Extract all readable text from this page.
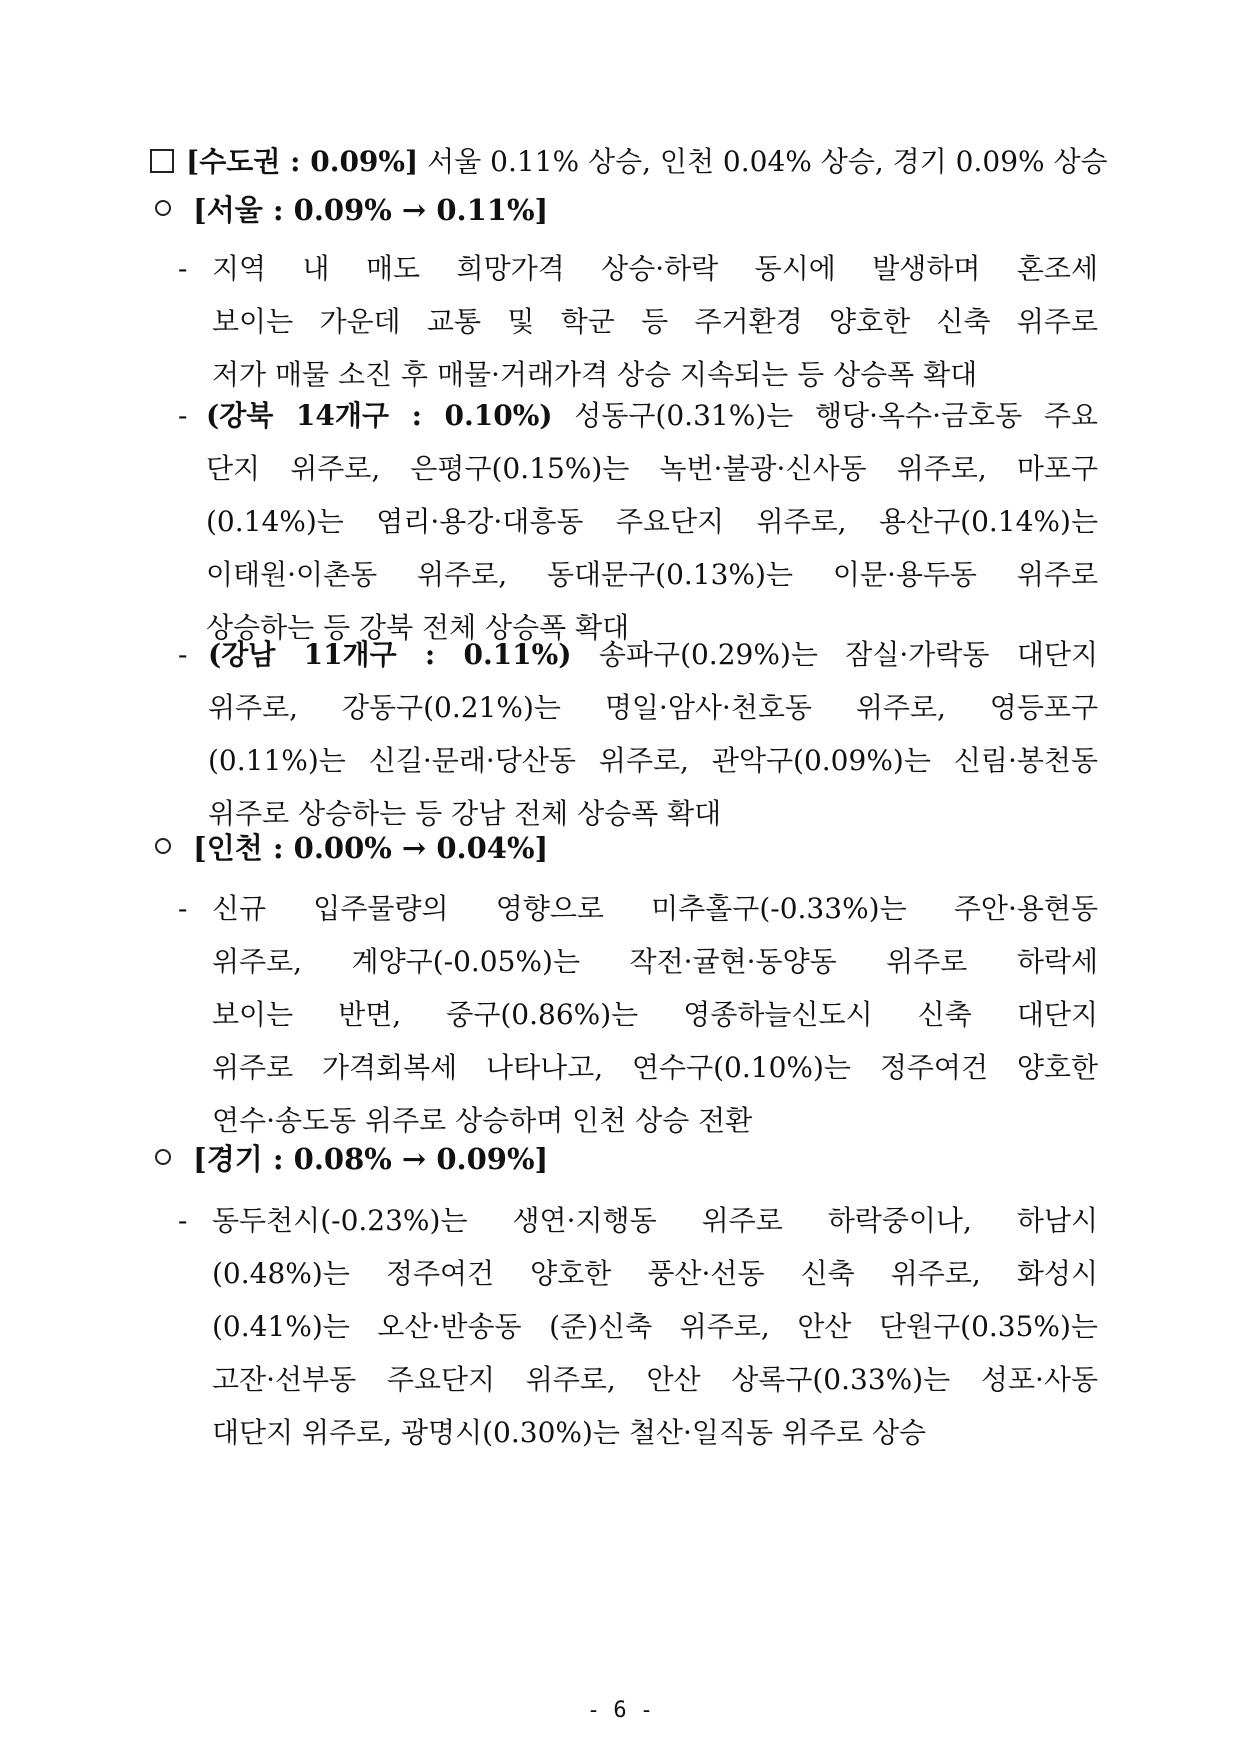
[수도권 : 0.09%] 서울 0.11% 상승, 인천 0.04% 상승, 경기 0.09% 상승
[서울 : 0.09% → 0.11%]
- 지역 내 매도 희망가격 상승·하락 동시에 발생하며 혼조세
보이는 가운데 교통 및 학군 등 주거환경 양호한 신축 위주로
저가 매물 소진 후 매물·거래가격 상승 지속되는 등 상승폭 확대
- (강북 14개구 : 0.10%) 성동구(0.31%)는 행당·옥수·금호동 주요
단지 위주로, 은평구(0.15%)는 녹번·불광·신사동 위주로, 마포구
(0.14%)는 염리·용강·대흥동 주요단지 위주로, 용산구(0.14%)는
이태원·이촌동 위주로, 동대문구(0.13%)는 이문·용두동 위주로
상승하는 등 강북 전체 상승폭 확대
- (강남 11개구 : 0.11%) 송파구(0.29%)는 잠실·가락동 대단지
위주로, 강동구(0.21%)는 명일·암사·천호동 위주로, 영등포구
(0.11%)는 신길·문래·당산동 위주로, 관악구(0.09%)는 신림·봉천동
위주로 상승하는 등 강남 전체 상승폭 확대
[인천 : 0.00% → 0.04%]
- 신규 입주물량의 영향으로 미추홀구(-0.33%)는 주안·용현동
위주로, 계양구(-0.05%)는 작전·귤현·동양동 위주로 하락세
보이는 반면, 중구(0.86%)는 영종하늘신도시 신축 대단지
위주로 가격회복세 나타나고, 연수구(0.10%)는 정주여건 양호한
연수·송도동 위주로 상승하며 인천 상승 전환
[경기 : 0.08% → 0.09%]
- 동두천시(-0.23%)는 생연·지행동 위주로 하락중이나, 하남시
(0.48%)는 정주여건 양호한 풍산·선동 신축 위주로, 화성시
(0.41%)는 오산·반송동 (준)신축 위주로, 안산 단원구(0.35%)는
고잔·선부동 주요단지 위주로, 안산 상록구(0.33%)는 성포·사동
대단지 위주로, 광명시(0.30%)는 철산·일직동 위주로 상승
- 6 -
